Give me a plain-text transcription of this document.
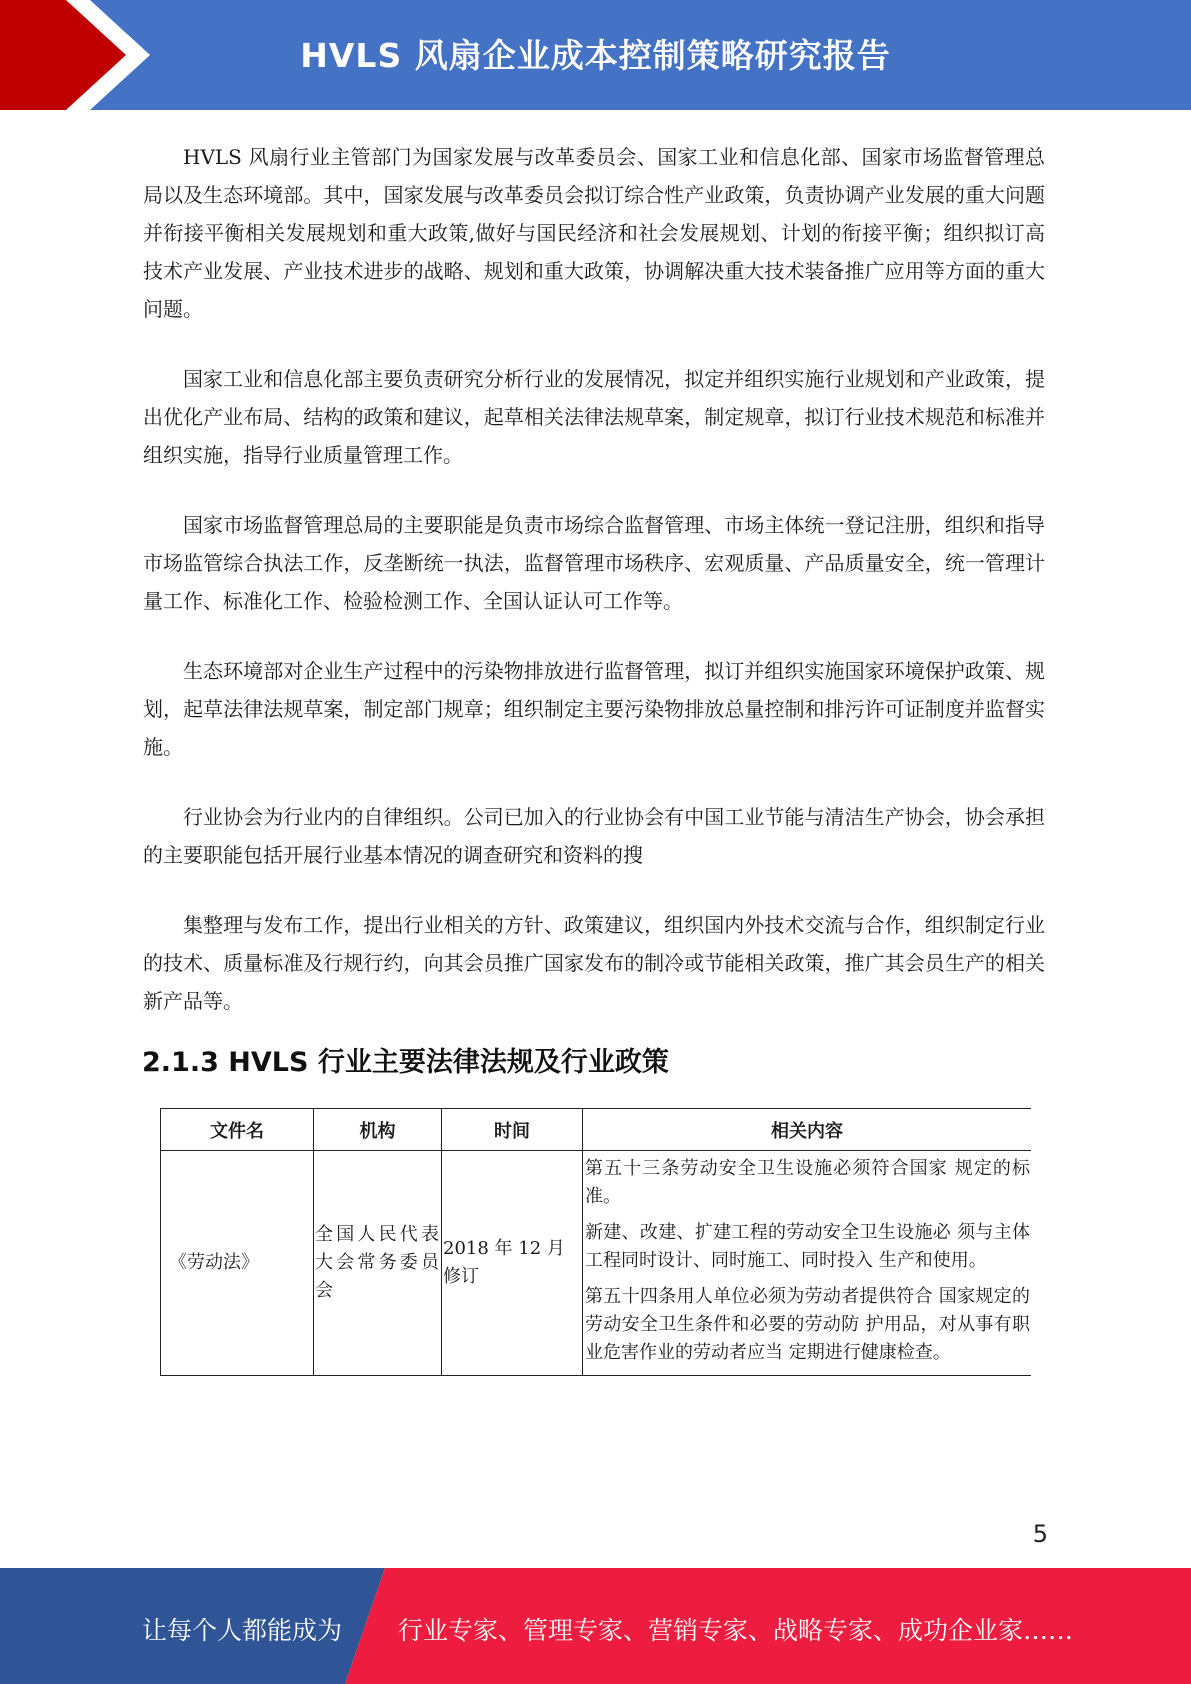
HVLS 风扇企业成本控制策略研究报告

HVLS 风扇行业主管部门为国家发展与改革委员会、国家工业和信息化部、国家市场监督管理总局以及生态环境部。其中，国家发展与改革委员会拟订综合性产业政策，负责协调产业发展的重大问题并衔接平衡相关发展规划和重大政策,做好与国民经济和社会发展规划、计划的衔接平衡；组织拟订高技术产业发展、产业技术进步的战略、规划和重大政策，协调解决重大技术装备推广应用等方面的重大问题。

国家工业和信息化部主要负责研究分析行业的发展情况，拟定并组织实施行业规划和产业政策，提出优化产业布局、结构的政策和建议，起草相关法律法规草案，制定规章，拟订行业技术规范和标准并组织实施，指导行业质量管理工作。

国家市场监督管理总局的主要职能是负责市场综合监督管理、市场主体统一登记注册，组织和指导市场监管综合执法工作，反垄断统一执法，监督管理市场秩序、宏观质量、产品质量安全，统一管理计量工作、标准化工作、检验检测工作、全国认证认可工作等。

生态环境部对企业生产过程中的污染物排放进行监督管理，拟订并组织实施国家环境保护政策、规划，起草法律法规草案，制定部门规章；组织制定主要污染物排放总量控制和排污许可证制度并监督实施。

行业协会为行业内的自律组织。公司已加入的行业协会有中国工业节能与清洁生产协会，协会承担的主要职能包括开展行业基本情况的调查研究和资料的搜

集整理与发布工作，提出行业相关的方针、政策建议，组织国内外技术交流与合作，组织制定行业的技术、质量标准及行规行约，向其会员推广国家发布的制冷或节能相关政策，推广其会员生产的相关新产品等。

2.1.3 HVLS 行业主要法律法规及行业政策
文件名	机构	时间	相关内容
《劳动法》	全国人民代表大会常务委员会	2018 年 12 月修订	第五十三条劳动安全卫生设施必须符合国家 规定的标准。

新建、改建、扩建工程的劳动安全卫生设施必 须与主体工程同时设计、同时施工、同时投入 生产和使用。

第五十四条用人单位必须为劳动者提供符合 国家规定的劳动安全卫生条件和必要的劳动防 护用品，对从事有职业危害作业的劳动者应当 定期进行健康检查。

5
让每个人都能成为 行业专家、管理专家、营销专家、战略专家、成功企业家……
